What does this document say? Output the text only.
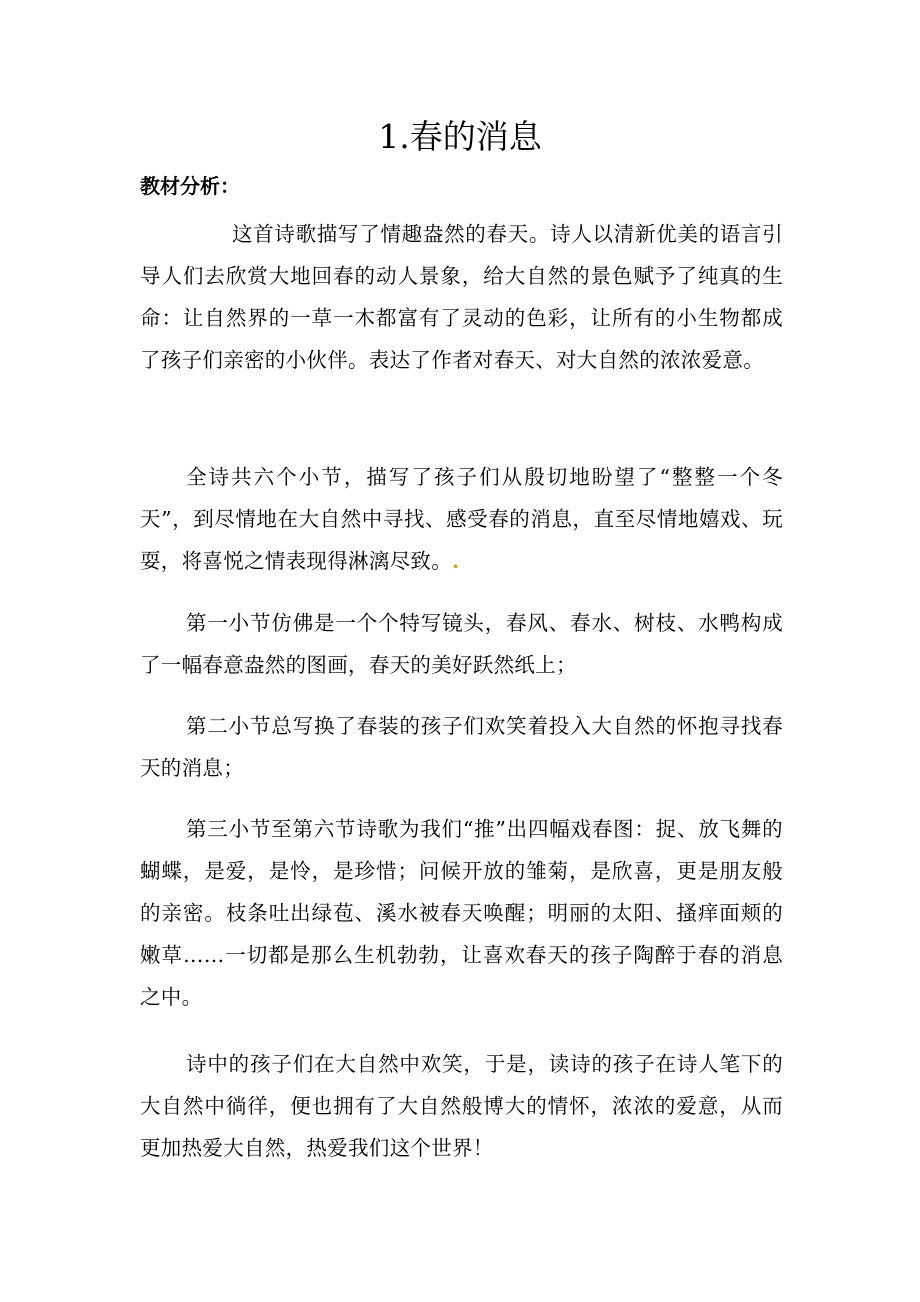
1.春的消息
教材分析：

这首诗歌描写了情趣盎然的春天。诗人以清新优美的语言引导人们去欣赏大地回春的动人景象，给大自然的景色赋予了纯真的生命：让自然界的一草一木都富有了灵动的色彩，让所有的小生物都成了孩子们亲密的小伙伴。表达了作者对春天、对大自然的浓浓爱意。

全诗共六个小节，描写了孩子们从殷切地盼望了“整整一个冬天”，到尽情地在大自然中寻找、感受春的消息，直至尽情地嬉戏、玩耍，将喜悦之情表现得淋漓尽致。.

第一小节仿佛是一个个特写镜头，春风、春水、树枝、水鸭构成了一幅春意盎然的图画，春天的美好跃然纸上；

第二小节总写换了春装的孩子们欢笑着投入大自然的怀抱寻找春天的消息；

第三小节至第六节诗歌为我们“推”出四幅戏春图：捉、放飞舞的蝴蝶，是爱，是怜，是珍惜；问候开放的雏菊，是欣喜，更是朋友般的亲密。枝条吐出绿苞、溪水被春天唤醒；明丽的太阳、搔痒面颊的嫩草……一切都是那么生机勃勃，让喜欢春天的孩子陶醉于春的消息之中。

诗中的孩子们在大自然中欢笑，于是，读诗的孩子在诗人笔下的大自然中徜徉，便也拥有了大自然般博大的情怀，浓浓的爱意，从而更加热爱大自然，热爱我们这个世界！
